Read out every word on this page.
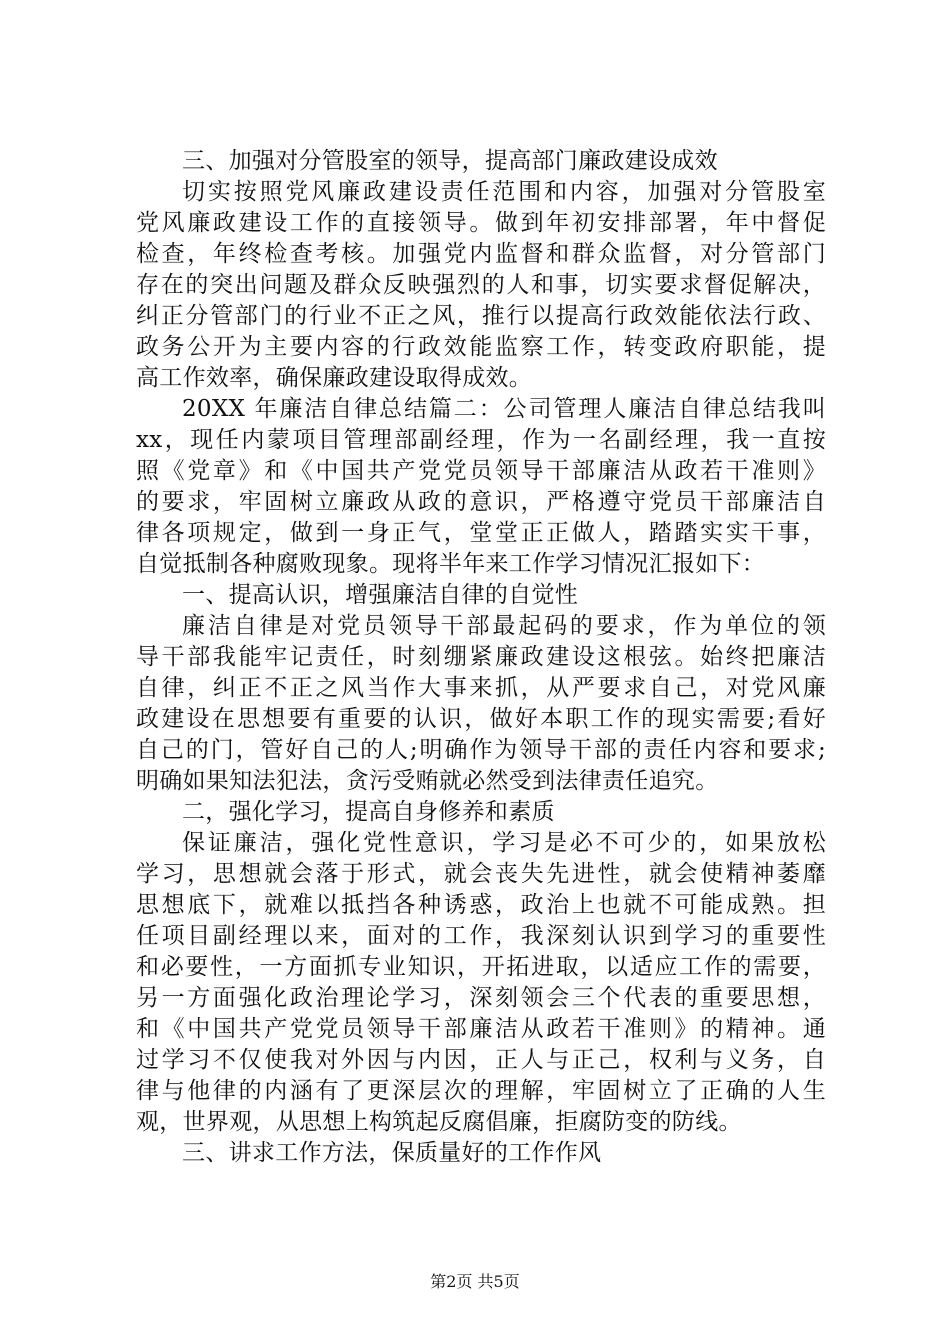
三、加强对分管股室的领导，提高部门廉政建设成效
切实按照党风廉政建设责任范围和内容，加强对分管股室
党风廉政建设工作的直接领导。做到年初安排部署，年中督促
检查，年终检查考核。加强党内监督和群众监督，对分管部门
存在的突出问题及群众反映强烈的人和事，切实要求督促解决，
纠正分管部门的行业不正之风，推行以提高行政效能依法行政、
政务公开为主要内容的行政效能监察工作，转变政府职能，提
高工作效率，确保廉政建设取得成效。
20XX 年廉洁自律总结篇二：公司管理人廉洁自律总结我叫
xx，现任内蒙项目管理部副经理，作为一名副经理，我一直按
照《党章》和《中国共产党党员领导干部廉洁从政若干准则》
的要求，牢固树立廉政从政的意识，严格遵守党员干部廉洁自
律各项规定，做到一身正气，堂堂正正做人，踏踏实实干事，
自觉抵制各种腐败现象。现将半年来工作学习情况汇报如下：
一、提高认识，增强廉洁自律的自觉性
廉洁自律是对党员领导干部最起码的要求，作为单位的领
导干部我能牢记责任，时刻绷紧廉政建设这根弦。始终把廉洁
自律，纠正不正之风当作大事来抓，从严要求自己，对党风廉
政建设在思想要有重要的认识，做好本职工作的现实需要;看好
自己的门，管好自己的人;明确作为领导干部的责任内容和要求;
明确如果知法犯法，贪污受贿就必然受到法律责任追究。
二，强化学习，提高自身修养和素质
保证廉洁，强化党性意识，学习是必不可少的，如果放松
学习，思想就会落于形式，就会丧失先进性，就会使精神萎靡
思想底下，就难以抵挡各种诱惑，政治上也就不可能成熟。担
任项目副经理以来，面对的工作，我深刻认识到学习的重要性
和必要性，一方面抓专业知识，开拓进取，以适应工作的需要，
另一方面强化政治理论学习，深刻领会三个代表的重要思想，
和《中国共产党党员领导干部廉洁从政若干准则》的精神。通
过学习不仅使我对外因与内因，正人与正己，权利与义务，自
律与他律的内涵有了更深层次的理解，牢固树立了正确的人生
观，世界观，从思想上构筑起反腐倡廉，拒腐防变的防线。
三、讲求工作方法，保质量好的工作作风
第2页 共5页
